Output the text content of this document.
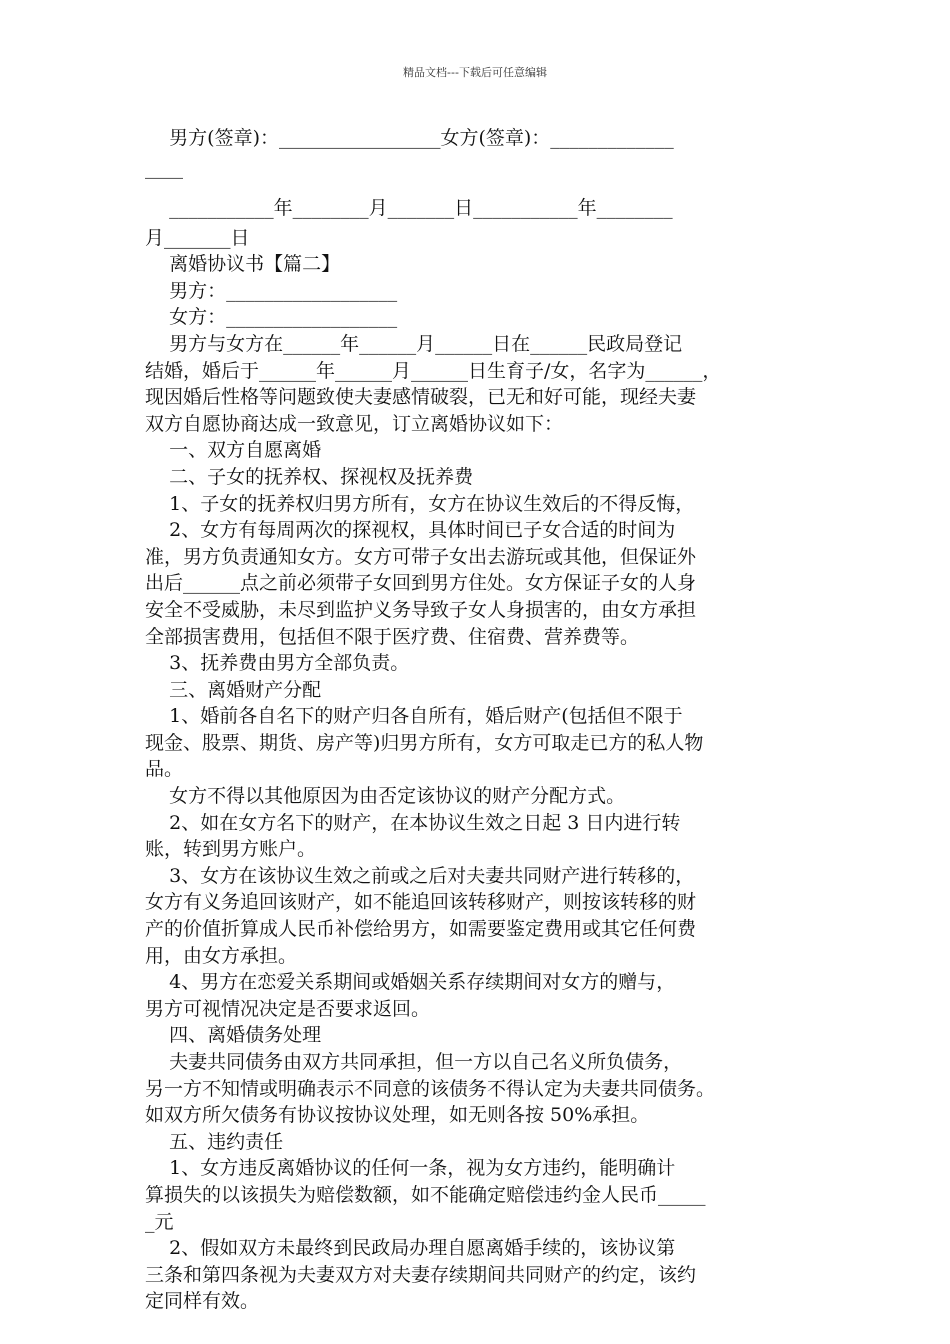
精品文档---下载后可任意编辑
男方(签章)：_________________女方(签章)：_____________
____
___________年________月_______日___________年________
月_______日
离婚协议书【篇二】
男方：__________________
女方：__________________
男方与女方在______年______月______日在______民政局登记
结婚，婚后于______年______月______日生育子/女，名字为______，
现因婚后性格等问题致使夫妻感情破裂，已无和好可能，现经夫妻
双方自愿协商达成一致意见，订立离婚协议如下：
一、双方自愿离婚
二、子女的抚养权、探视权及抚养费
1、子女的抚养权归男方所有，女方在协议生效后的不得反悔，
2、女方有每周两次的探视权，具体时间已子女合适的时间为
准，男方负责通知女方。女方可带子女出去游玩或其他，但保证外
出后______点之前必须带子女回到男方住处。女方保证子女的人身
安全不受威胁，未尽到监护义务导致子女人身损害的，由女方承担
全部损害费用，包括但不限于医疗费、住宿费、营养费等。
3、抚养费由男方全部负责。
三、离婚财产分配
1、婚前各自名下的财产归各自所有，婚后财产(包括但不限于
现金、股票、期货、房产等)归男方所有，女方可取走已方的私人物
品。
女方不得以其他原因为由否定该协议的财产分配方式。
2、如在女方名下的财产，在本协议生效之日起 3 日内进行转
账，转到男方账户。
3、女方在该协议生效之前或之后对夫妻共同财产进行转移的，
女方有义务追回该财产，如不能追回该转移财产，则按该转移的财
产的价值折算成人民币补偿给男方，如需要鉴定费用或其它任何费
用，由女方承担。
4、男方在恋爱关系期间或婚姻关系存续期间对女方的赠与，
男方可视情况决定是否要求返回。
四、离婚债务处理
夫妻共同债务由双方共同承担，但一方以自己名义所负债务，
另一方不知情或明确表示不同意的该债务不得认定为夫妻共同债务。
如双方所欠债务有协议按协议处理，如无则各按 50%承担。
五、违约责任
1、女方违反离婚协议的任何一条，视为女方违约，能明确计
算损失的以该损失为赔偿数额，如不能确定赔偿违约金人民币_____
_元
2、假如双方未最终到民政局办理自愿离婚手续的，该协议第
三条和第四条视为夫妻双方对夫妻存续期间共同财产的约定，该约
定同样有效。
